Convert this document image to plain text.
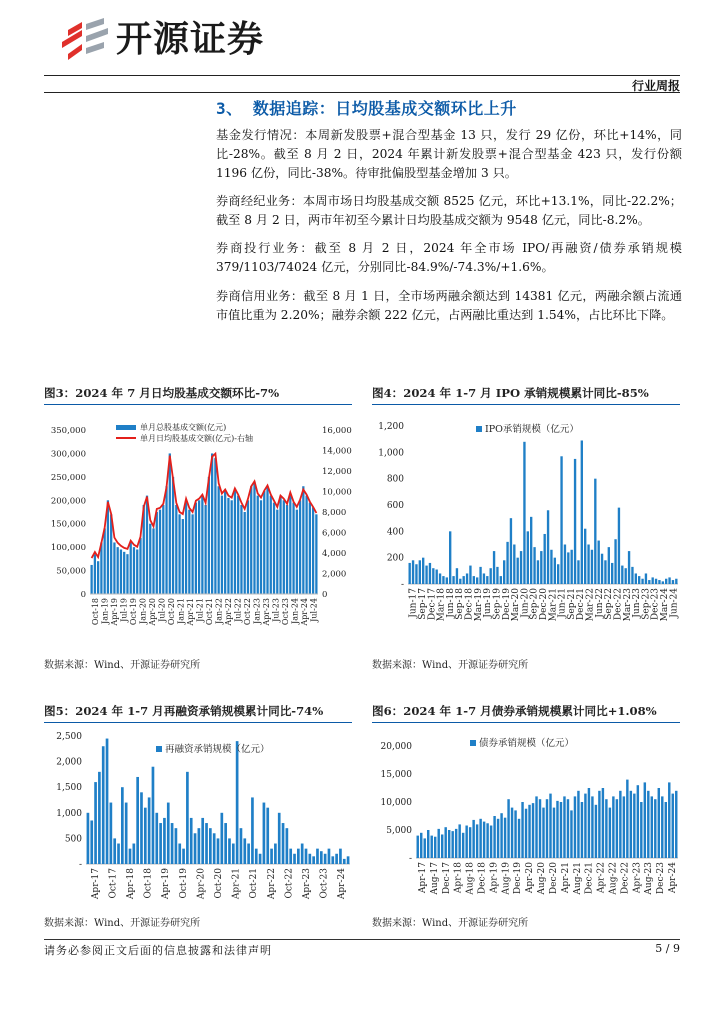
开源证券
行业周报
3、 数据追踪：日均股基成交额环比上升

基金发行情况：本周新发股票+混合型基金 13 只，发行 29 亿份，环比+14%，同比-28%。截至 8 月 2 日，2024 年累计新发股票+混合型基金 423 只，发行份额 1196 亿份，同比-38%。待审批偏股型基金增加 3 只。

券商经纪业务：本周市场日均股基成交额 8525 亿元，环比+13.1%，同比-22.2%；截至 8 月 2 日，两市年初至今累计日均股基成交额为 9548 亿元，同比-8.2%。

券商投行业务：截至 8 月 2 日，2024 年全市场 IPO/再融资/债券承销规模 379/1103/74024 亿元，分别同比-84.9%/-74.3%/+1.6%。

券商信用业务：截至 8 月 1 日，全市场两融余额达到 14381 亿元，两融余额占流通市值比重为 2.20%；融券余额 222 亿元，占两融比重达到 1.54%，占比环比下降。

图3：2024 年 7 月日均股基成交额环比-7%	图4：2024 年 1-7 月 IPO 承销规模累计同比-85%
图5：2024 年 1-7 月再融资承销规模累计同比-74%	图6：2024 年 1-7 月债券承销规模累计同比+1.08%
0
50,000
100,000
150,000
200,000
250,000
300,000
350,000
0
2,000
4,000
6,000
8,000
10,000
12,000
14,000
16,000
Oct-18 Jan-19 Apr-19 Jul-19 Oct-19 Jan-20 Apr-20 Jul-20 Oct-20 Jan-21 Apr-21 Jul-21 Oct-21 Jan-22 Apr-22 Jul-22 Oct-22 Jan-23 Apr-23 Jul-23 Oct-23 Jan-24 Apr-24 Jul-24
单月总股基成交额(亿元)
单月日均股基成交额(亿元)-右轴
-
200
400
600
800
1,000
1,200
Jun-17 Sep-17 Dec-17 Mar-18 Jun-18 Sep-18 Dec-18 Mar-19 Jun-19 Sep-19 Dec-19 Mar-20 Jun-20 Sep-20 Dec-20 Mar-21 Jun-21 Sep-21 Dec-21 Mar-22 Jun-22 Sep-22 Dec-22 Mar-23 Jun-23 Sep-23 Dec-23 Mar-24 Jun-24
IPO承销规模（亿元）
-
500
1,000
1,500
2,000
2,500
Apr-17 Oct-17 Apr-18 Oct-18 Apr-19 Oct-19 Apr-20 Oct-20 Apr-21 Oct-21 Apr-22 Oct-22 Apr-23 Oct-23 Apr-24
再融资承销规模（亿元）
-
5,000
10,000
15,000
20,000
Apr-17 Aug-17 Dec-17 Apr-18 Aug-18 Dec-18 Apr-19 Aug-19 Dec-19 Apr-20 Aug-20 Dec-20 Apr-21 Aug-21 Dec-21 Apr-22 Aug-22 Dec-22 Apr-23 Aug-23 Dec-23 Apr-24
债券承销规模（亿元）
数据来源：Wind、开源证券研究所	数据来源：Wind、开源证券研究所
数据来源：Wind、开源证券研究所	数据来源：Wind、开源证券研究所
请务必参阅正文后面的信息披露和法律声明	5 / 9
